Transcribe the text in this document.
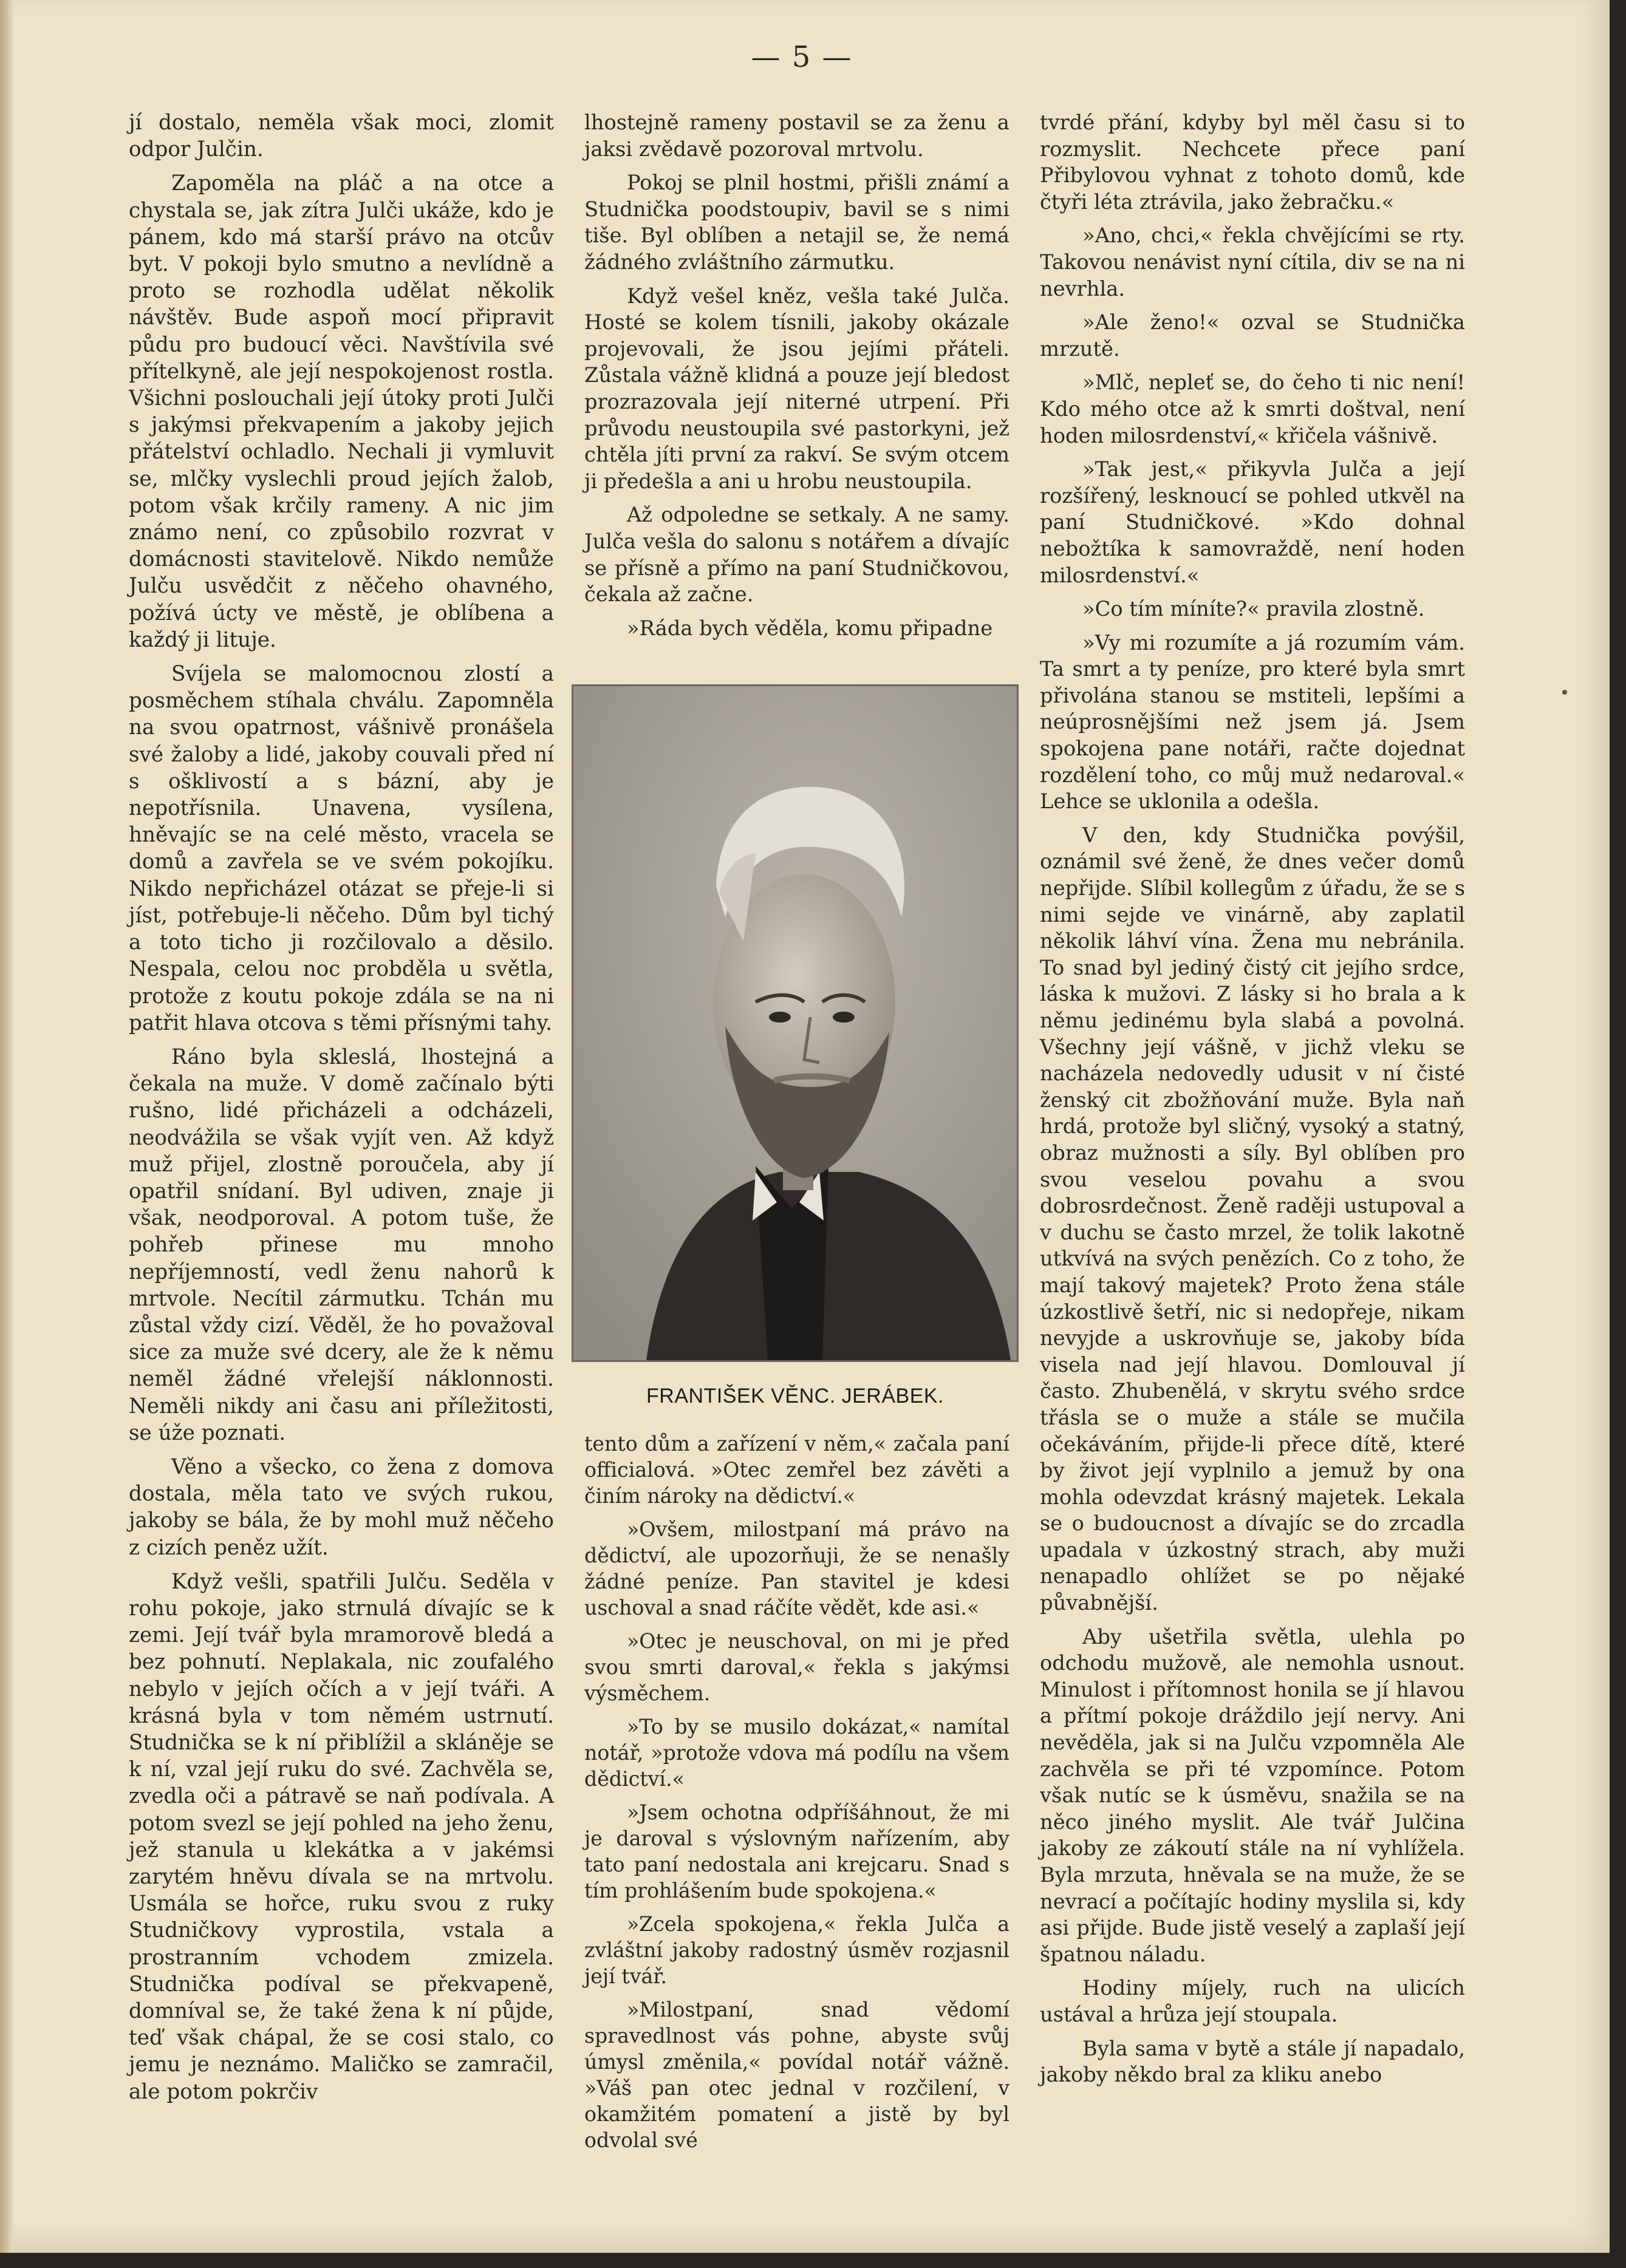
— 5 —

jí dostalo, neměla však moci, zlomit odpor Julčin.

Zapoměla na pláč a na otce a chystala se, jak zítra Julči ukáže, kdo je pánem, kdo má starší právo na otcův byt. V pokoji bylo smutno a nevlídně a proto se rozhodla udělat několik návštěv. Bude aspoň mocí připravit půdu pro budoucí věci. Navštívila své přítelkyně, ale její nespokojenost rostla. Všichni poslouchali její útoky proti Julči s jakýmsi překvapením a jakoby jejich přátelství ochladlo. Nechali ji vymluvit se, mlčky vyslechli proud jejích žalob, potom však krčily rameny. A nic jim známo není, co způsobilo rozvrat v domácnosti stavitelově. Nikdo nemůže Julču usvědčit z něčeho ohavného, požívá úcty ve městě, je oblíbena a každý ji lituje.

Svíjela se malomocnou zlostí a posměchem stíhala chválu. Zapomněla na svou opatrnost, vášnivě pronášela své žaloby a lidé, jakoby couvali před ní s ošklivostí a s bázní, aby je nepotřísnila. Unavena, vysílena, hněvajíc se na celé město, vracela se domů a zavřela se ve svém pokojíku. Nikdo nepřicházel otázat se přeje-li si jíst, potřebuje-li něčeho. Dům byl tichý a toto ticho ji rozčilovalo a děsilo. Nespala, celou noc probděla u světla, protože z koutu pokoje zdála se na ni patřit hlava otcova s těmi přísnými tahy.

Ráno byla skleslá, lhostejná a čekala na muže. V domě začínalo býti rušno, lidé přicházeli a odcházeli, neodvážila se však vyjít ven. Až když muž přijel, zlostně poroučela, aby jí opatřil snídaní. Byl udiven, znaje ji však, neodporoval. A potom tuše, že pohřeb přinese mu mnoho nepříjemností, vedl ženu nahorů k mrtvole. Necítil zármutku. Tchán mu zůstal vždy cizí. Věděl, že ho považoval sice za muže své dcery, ale že k němu neměl žádné vřelejší náklonnosti. Neměli nikdy ani času ani příležitosti, se úže poznati.

Věno a všecko, co žena z domova dostala, měla tato ve svých rukou, jakoby se bála, že by mohl muž něčeho z cizích peněz užít.

Když vešli, spatřili Julču. Seděla v rohu pokoje, jako strnulá dívajíc se k zemi. Její tvář byla mramorově bledá a bez pohnutí. Neplakala, nic zoufalého nebylo v jejích očích a v její tváři. A krásná byla v tom němém ustrnutí. Studnička se k ní přiblížil a skláněje se k ní, vzal její ruku do své. Zachvěla se, zvedla oči a pátravě se naň podívala. A potom svezl se její pohled na jeho ženu, jež stanula u klekátka a v jakémsi zarytém hněvu dívala se na mrtvolu. Usmála se hořce, ruku svou z ruky Studničkovy vyprostila, vstala a prostranním vchodem zmizela. Studnička podíval se překvapeně, domníval se, že také žena k ní půjde, teď však chápal, že se cosi stalo, co jemu je neznámo. Maličko se zamračil, ale potom pokrčiv

lhostejně rameny postavil se za ženu a jaksi zvědavě pozoroval mrtvolu.

Pokoj se plnil hostmi, přišli známí a Studnička poodstoupiv, bavil se s nimi tiše. Byl oblíben a netajil se, že nemá žádného zvláštního zármutku.

Když vešel kněz, vešla také Julča. Hosté se kolem tísnili, jakoby okázale projevovali, že jsou jejími přáteli. Zůstala vážně klidná a pouze její bledost prozrazovala její niterné utrpení. Při průvodu neustoupila své pastorkyni, jež chtěla jíti první za rakví. Se svým otcem ji předešla a ani u hrobu neustoupila.

Až odpoledne se setkaly. A ne samy. Julča vešla do salonu s notářem a dívajíc se přísně a přímo na paní Studničkovou, čekala až začne.

»Ráda bych věděla, komu připadne

FRANTIŠEK VĚNC. JERÁBEK.

tento dům a zařízení v něm,« začala paní officialová. »Otec zemřel bez závěti a činím nároky na dědictví.«

»Ovšem, milostpaní má právo na dědictví, ale upozorňuji, že se nenašly žádné peníze. Pan stavitel je kdesi uschoval a snad ráčíte vědět, kde asi.«

»Otec je neuschoval, on mi je před svou smrti daroval,« řekla s jakýmsi výsměchem.

»To by se musilo dokázat,« namítal notář, »protože vdova má podílu na všem dědictví.«

»Jsem ochotna odpříšáhnout, že mi je daroval s výslovným nařízením, aby tato paní nedostala ani krejcaru. Snad s tím prohlášením bude spokojena.«

»Zcela spokojena,« řekla Julča a zvláštní jakoby radostný úsměv rozjasnil její tvář.

»Milostpaní, snad vědomí spravedlnost vás pohne, abyste svůj úmysl změnila,« povídal notář vážně. »Váš pan otec jednal v rozčilení, v okamžitém pomatení a jistě by byl odvolal své

tvrdé přání, kdyby byl měl času si to rozmyslit. Nechcete přece paní Přibylovou vyhnat z tohoto domů, kde čtyři léta ztrávila, jako žebračku.«

»Ano, chci,« řekla chvějícími se rty. Takovou nenávist nyní cítila, div se na ni nevrhla.

»Ale ženo!« ozval se Studnička mrzutě.

»Mlč, nepleť se, do čeho ti nic není! Kdo mého otce až k smrti doštval, není hoden milosrdenství,« křičela vášnivě.

»Tak jest,« přikyvla Julča a její rozšířený, lesknoucí se pohled utkvěl na paní Studničkové. »Kdo dohnal nebožtíka k samovraždě, není hoden milosrdenství.«

»Co tím míníte?« pravila zlostně.

»Vy mi rozumíte a já rozumím vám. Ta smrt a ty peníze, pro které byla smrt přivolána stanou se mstiteli, lepšími a neúprosnějšími než jsem já. Jsem spokojena pane notáři, račte dojednat rozdělení toho, co můj muž nedaroval.« Lehce se uklonila a odešla.

V den, kdy Studnička povýšil, oznámil své ženě, že dnes večer domů nepřijde. Slíbil kollegům z úřadu, že se s nimi sejde ve vinárně, aby zaplatil několik láhví vína. Žena mu nebránila. To snad byl jediný čistý cit jejího srdce, láska k mužovi. Z lásky si ho brala a k němu jedinému byla slabá a povolná. Všechny její vášně, v jichž vleku se nacházela nedovedly udusit v ní čisté ženský cit zbožňování muže. Byla naň hrdá, protože byl sličný, vysoký a statný, obraz mužnosti a síly. Byl oblíben pro svou veselou povahu a svou dobrosrdečnost. Ženě raději ustupoval a v duchu se často mrzel, že tolik lakotně utkvívá na svých penězích. Co z toho, že mají takový majetek? Proto žena stále úzkostlivě šetří, nic si nedopřeje, nikam nevyjde a uskrovňuje se, jakoby bída visela nad její hlavou. Domlouval jí často. Zhubenělá, v skrytu svého srdce třásla se o muže a stále se mučila očekáváním, přijde-li přece dítě, které by život její vyplnilo a jemuž by ona mohla odevzdat krásný majetek. Lekala se o budoucnost a dívajíc se do zrcadla upadala v úzkostný strach, aby muži nenapadlo ohlížet se po nějaké půvabnější.

Aby ušetřila světla, ulehla po odchodu mužově, ale nemohla usnout. Minulost i přítomnost honila se jí hlavou a přítmí pokoje dráždilo její nervy. Ani nevěděla, jak si na Julču vzpomněla Ale zachvěla se při té vzpomínce. Potom však nutíc se k úsměvu, snažila se na něco jiného myslit. Ale tvář Julčina jakoby ze zákoutí stále na ní vyhlížela. Byla mrzuta, hněvala se na muže, že se nevrací a počítajíc hodiny myslila si, kdy asi přijde. Bude jistě veselý a zaplaší její špatnou náladu.

Hodiny míjely, ruch na ulicích ustával a hrůza její stoupala.

Byla sama v bytě a stále jí napadalo, jakoby někdo bral za kliku anebo
